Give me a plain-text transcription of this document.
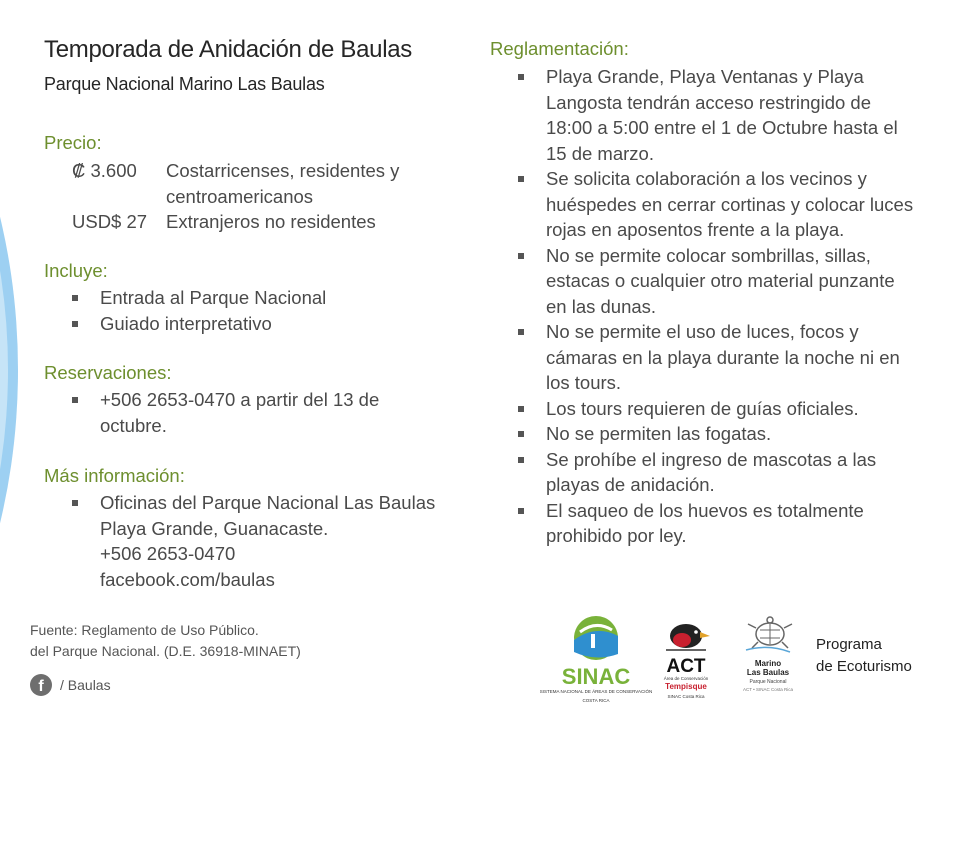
Temporada de Anidación de Baulas
Parque Nacional Marino Las Baulas
Precio:
₡ 3.600	Costarricenses, residentes y centroamericanos
USD$ 27	Extranjeros no residentes
Incluye:
Entrada al Parque Nacional
Guiado interpretativo
Reservaciones:
+506 2653-0470 a partir del 13 de octubre.
Más información:
Oficinas del Parque Nacional Las Baulas
Playa Grande, Guanacaste.
+506 2653-0470
facebook.com/baulas
Reglamentación:
Playa Grande, Playa Ventanas y Playa Langosta tendrán acceso restringido de 18:00 a 5:00 entre el 1 de Octubre hasta el 15 de marzo.
Se solicita colaboración a los vecinos y huéspedes en cerrar cortinas y colocar luces rojas en aposentos frente a la playa.
No se permite colocar sombrillas, sillas, estacas o cualquier otro material punzante en las dunas.
No se permite el uso de luces, focos y cámaras en la playa durante la noche ni en los tours.
Los tours requieren de guías oficiales.
No se permiten las fogatas.
Se prohíbe el ingreso de mascotas a las playas de anidación.
El saqueo de los huevos es totalmente prohibido por ley.
Fuente: Reglamento de Uso Público.
del Parque Nacional. (D.E. 36918-MINAET)
f	/ Baulas	SINAC
SISTEMA NACIONAL DE ÁREAS DE CONSERVACIÓN
COSTA RICA
ACT
Área de Conservación
Tempisque
SINAC Costa Rica
Marino
Las Baulas
Parque Nacional
ACT • SINAC Costa Rica
Programa
de Ecoturismo
